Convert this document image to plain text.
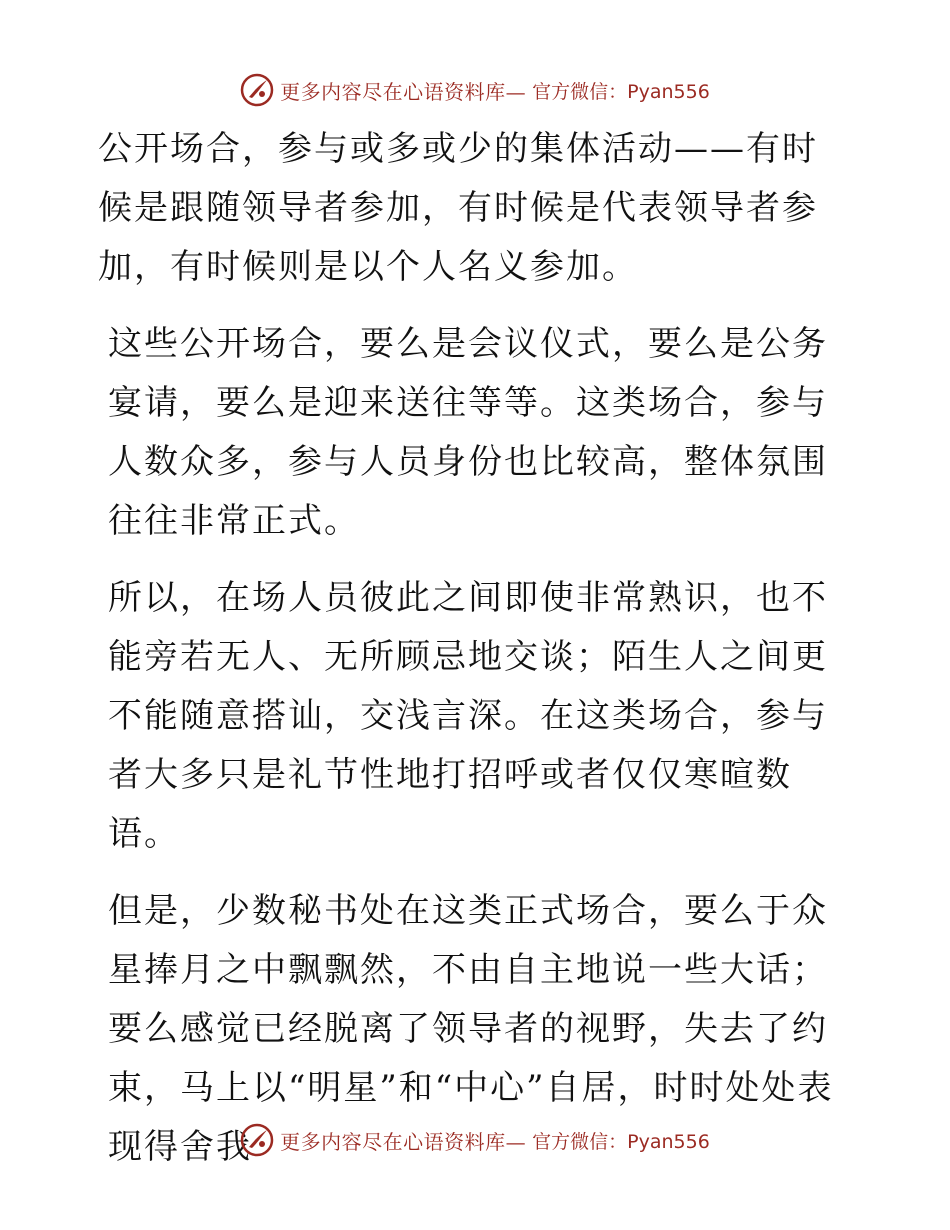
更多内容尽在心语资料库— 官方微信：Pyan556

公开场合，参与或多或少的集体活动——有时候是跟随领导者参加，有时候是代表领导者参加，有时候则是以个人名义参加。

这些公开场合，要么是会议仪式，要么是公务宴请，要么是迎来送往等等。这类场合，参与人数众多，参与人员身份也比较高，整体氛围往往非常正式。

所以，在场人员彼此之间即使非常熟识，也不能旁若无人、无所顾忌地交谈；陌生人之间更不能随意搭讪，交浅言深。在这类场合，参与者大多只是礼节性地打招呼或者仅仅寒暄数语。

但是，少数秘书处在这类正式场合，要么于众星捧月之中飘飘然，不由自主地说一些大话；要么感觉已经脱离了领导者的视野，失去了约束，马上以“明星”和“中心”自居，时时处处表现得舍我	更多内容尽在心语资料库— 官方微信：Pyan556
